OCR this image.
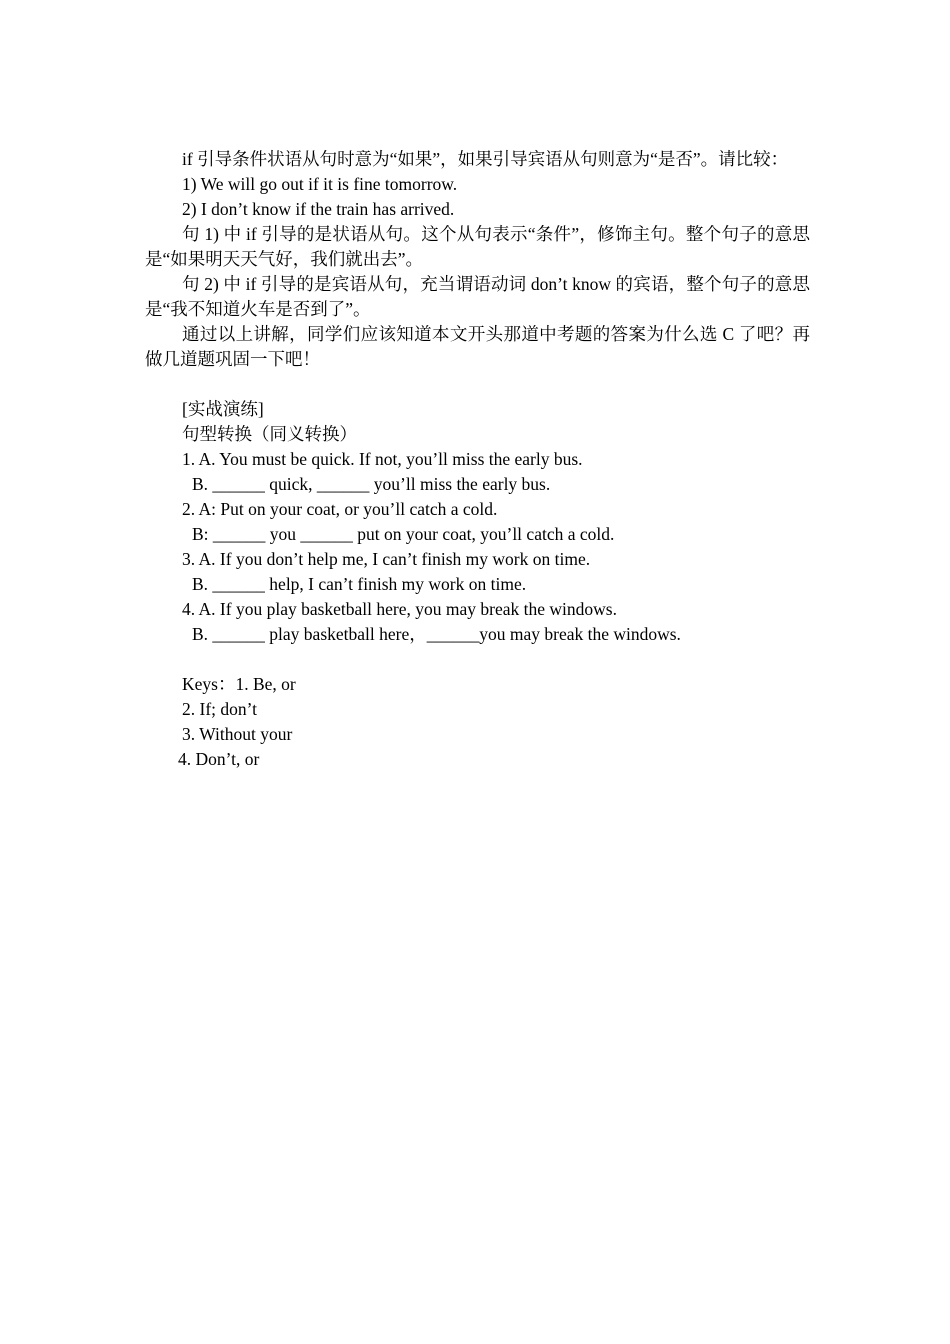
if 引导条件状语从句时意为“如果”，如果引导宾语从句则意为“是否”。请比较：

1) We will go out if it is fine tomorrow.

2) I don’t know if the train has arrived.

句 1) 中 if 引导的是状语从句。这个从句表示“条件”，修饰主句。整个句子的意思是“如果明天天气好，我们就出去”。

句 2) 中 if 引导的是宾语从句，充当谓语动词 don’t know 的宾语，整个句子的意思是“我不知道火车是否到了”。

通过以上讲解，同学们应该知道本文开头那道中考题的答案为什么选 C 了吧？再做几道题巩固一下吧！

[实战演练]

句型转换（同义转换）

1. A. You must be quick. If not, you’ll miss the early bus.

B. ______ quick, ______ you’ll miss the early bus.

2. A: Put on your coat, or you’ll catch a cold.

B: ______ you ______ put on your coat, you’ll catch a cold.

3. A. If you don’t help me, I can’t finish my work on time.

B. ______ help, I can’t finish my work on time.

4. A. If you play basketball here, you may break the windows.

B. ______ play basketball here，______you may break the windows.

Keys：1. Be, or

2. If; don’t

3. Without your

4. Don’t, or
